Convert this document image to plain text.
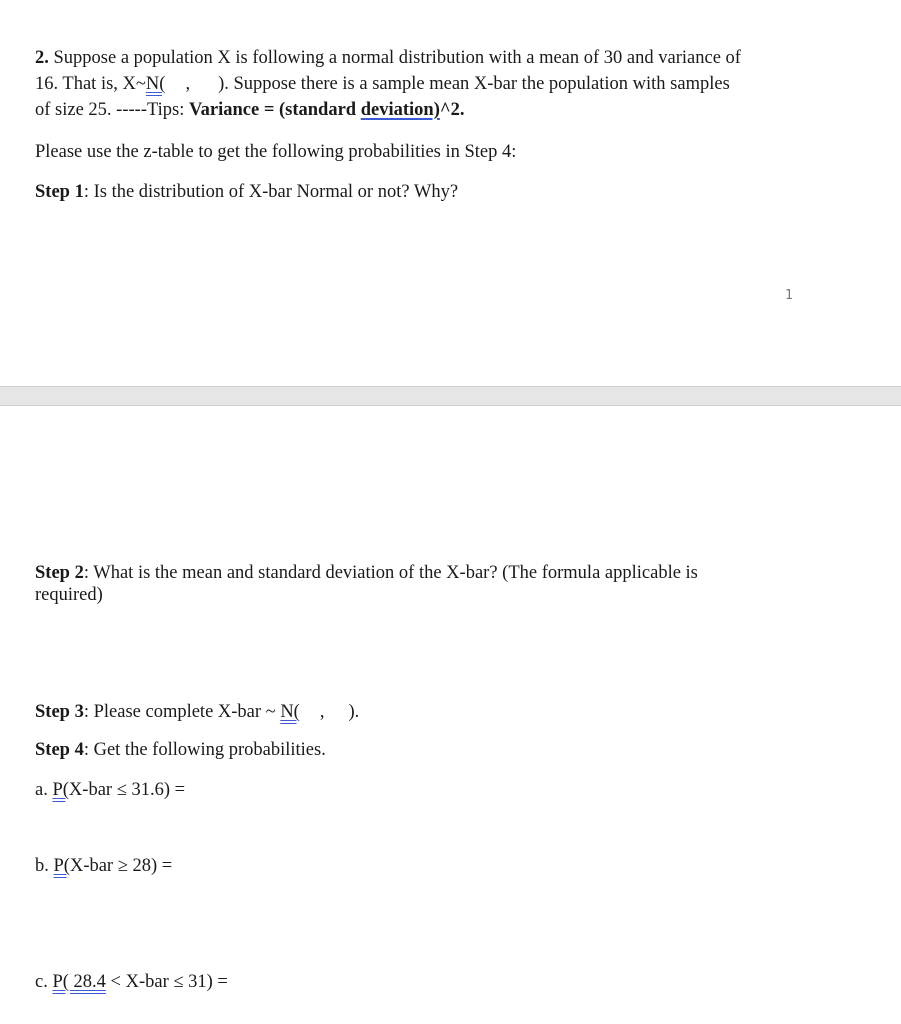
2. Suppose a population X is following a normal distribution with a mean of 30 and variance of
16. That is, X~N( , ). Suppose there is a sample mean X-bar the population with samples
of size 25. -----Tips: Variance = (standard deviation)^2.
Please use the z-table to get the following probabilities in Step 4:
Step 1: Is the distribution of X-bar Normal or not? Why?
1
Step 2: What is the mean and standard deviation of the X-bar? (The formula applicable is
required)
Step 3: Please complete X-bar ~ N( , ).
Step 4: Get the following probabilities.
a. P(X-bar ≤ 31.6) =
b. P(X-bar ≥ 28) =
c. P( 28.4 < X-bar ≤ 31) =
